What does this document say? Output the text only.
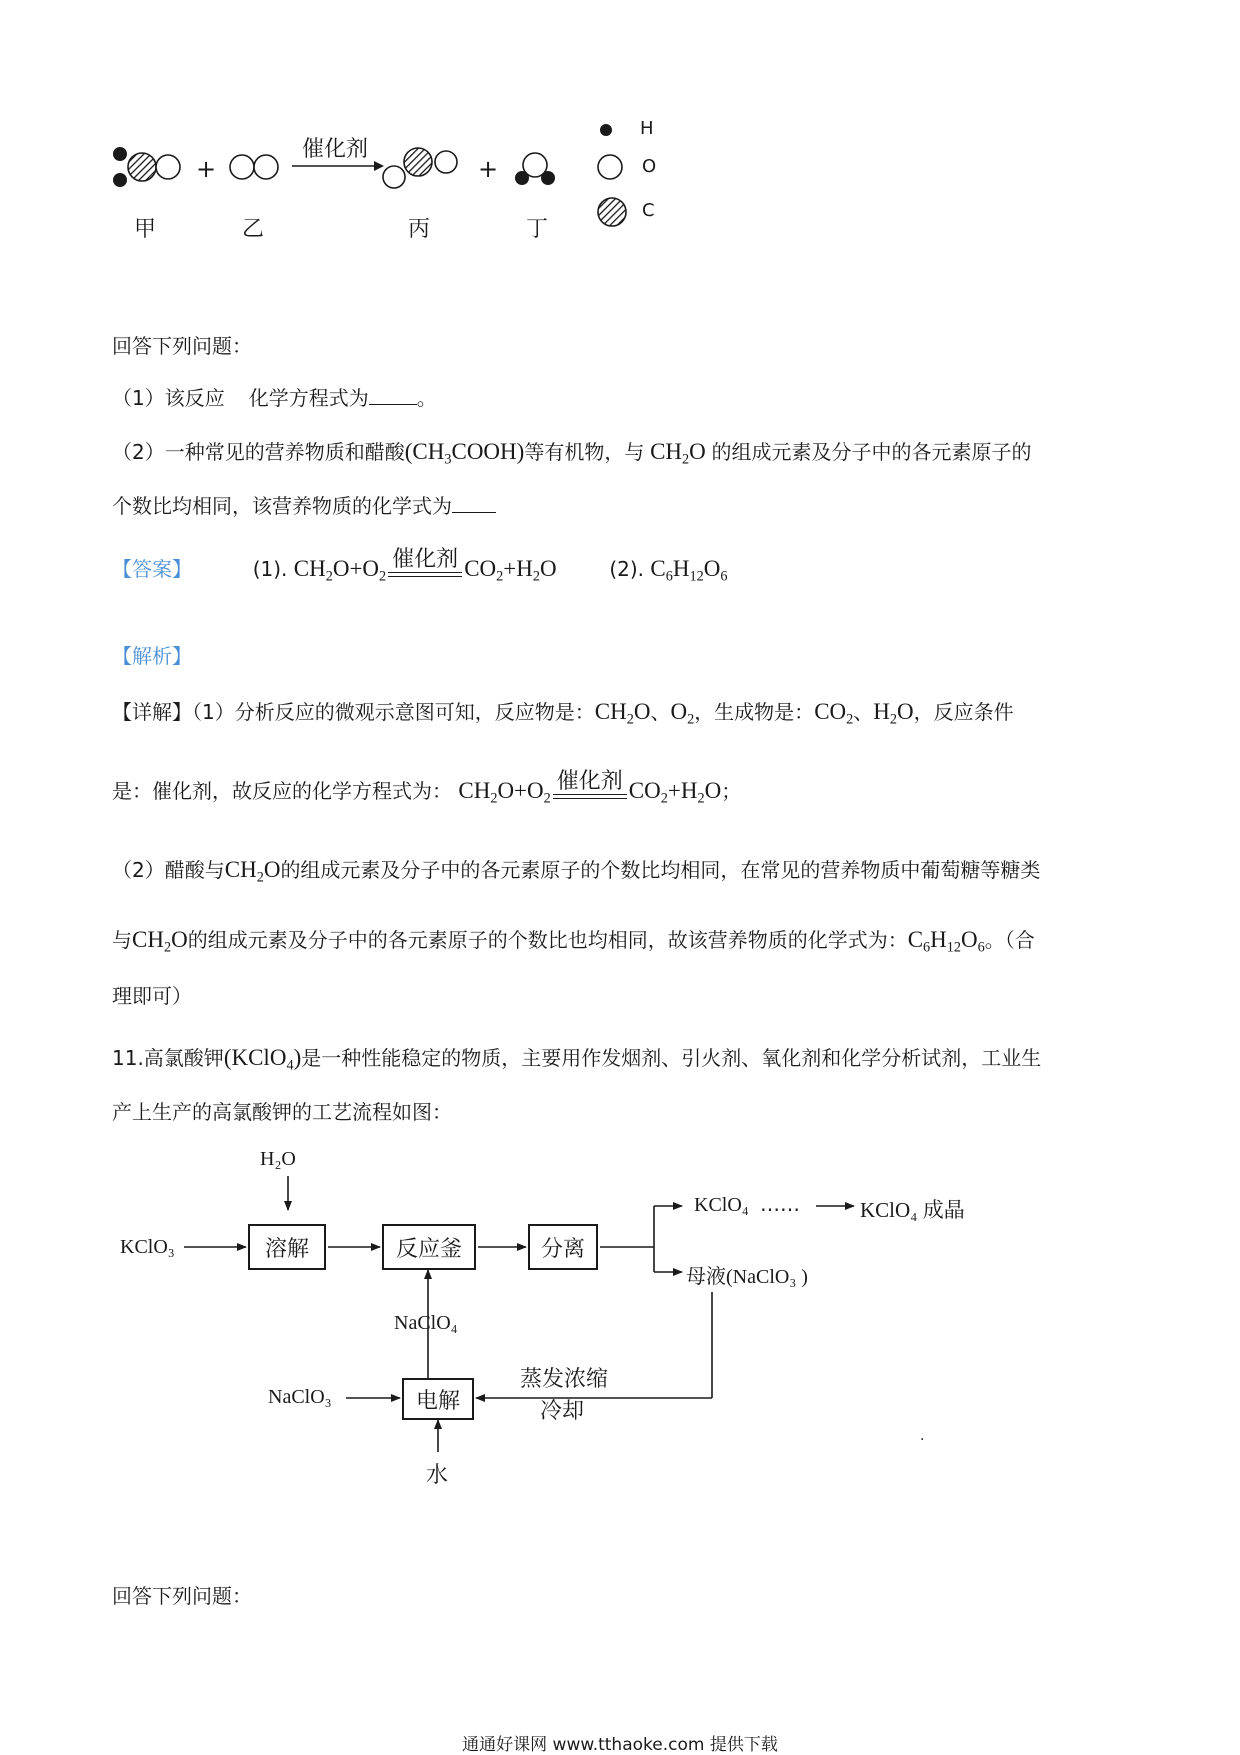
催化剂
+	+
甲	乙	丙	丁
H
O
C
回答下列问题：
（1）该反应 化学方程式为 。
（2）一种常见的营养物质和醋酸$(CH_3COOH)$等有机物，与 $CH_2O$ 的组成元素及分子中的各元素原子的
个数比均相同，该营养物质的化学式为
【答案】	(1). $CH_2O+O_2$
催化剂 $CO_2+H_2O$	(2). $C_6H_{12}O_6$
【解析】
【详解】（1）分析反应的微观示意图可知，反应物是：$CH_2O$、$O_2$，生成物是：$CO_2$、$H_2O$，反应条件
是：催化剂，故反应的化学方程式为： $CH_2O+O_2$
催化剂 $CO_2+H_2O$；
（2）醋酸与$CH_2O$的组成元素及分子中的各元素原子的个数比均相同，在常见的营养物质中葡萄糖等糖类
与$CH_2O$的组成元素及分子中的各元素原子的个数比也均相同，故该营养物质的化学式为：$C_6H_{12}O_6$。（合
理即可）
11.高氯酸钾(KClO$_4$)是一种性能稳定的物质，主要用作发烟剂、引火剂、氧化剂和化学分析试剂，工业生
产上生产的高氯酸钾的工艺流程如图：
溶解	反应釜	分离
电解
H₂O
KClO₃
KClO₄ ……	KClO₄ 成晶
母液(NaClO₃ )
NaClO₄
NaClO₃
蒸发浓缩
冷却
水
.
回答下列问题：
通通好课网 www.tthaoke.com 提供下载
